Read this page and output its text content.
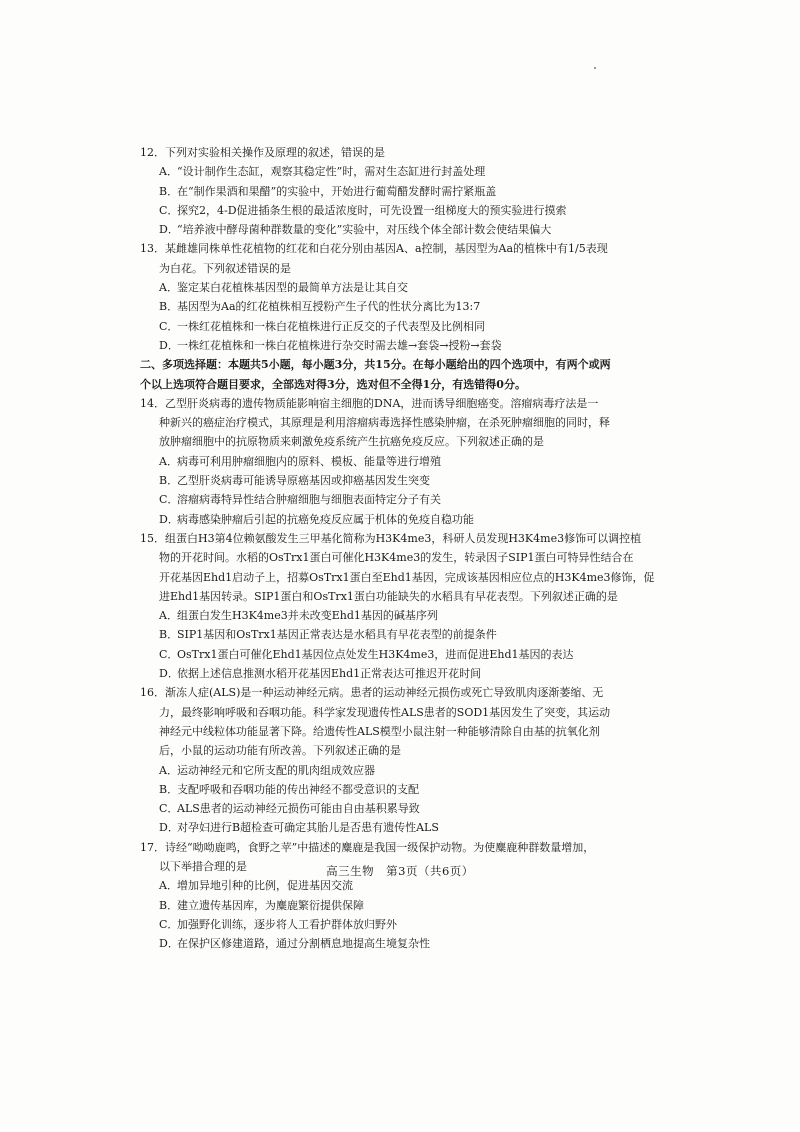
12．下列对实验相关操作及原理的叙述，错误的是
A．“设计制作生态缸，观察其稳定性”时，需对生态缸进行封盖处理
B．在“制作果酒和果醋”的实验中，开始进行葡萄醋发酵时需拧紧瓶盖
C．探究2，4-D促进插条生根的最适浓度时，可先设置一组梯度大的预实验进行摸索
D．“培养液中酵母菌种群数量的变化”实验中，对压线个体全部计数会使结果偏大
13．某雌雄同株单性花植物的红花和白花分别由基因A、a控制，基因型为Aa的植株中有1/5表现
为白花。下列叙述错误的是
A．鉴定某白花植株基因型的最简单方法是让其自交
B．基因型为Aa的红花植株相互授粉产生子代的性状分离比为13:7
C．一株红花植株和一株白花植株进行正反交的子代表型及比例相同
D．一株红花植株和一株白花植株进行杂交时需去雄→套袋→授粉→套袋
二、多项选择题：本题共5小题，每小题3分，共15分。在每小题给出的四个选项中，有两个或两
个以上选项符合题目要求，全部选对得3分，选对但不全得1分，有选错得0分。
14．乙型肝炎病毒的遗传物质能影响宿主细胞的DNA，进而诱导细胞癌变。溶瘤病毒疗法是一
种新兴的癌症治疗模式，其原理是利用溶瘤病毒选择性感染肿瘤，在杀死肿瘤细胞的同时，释
放肿瘤细胞中的抗原物质来刺激免疫系统产生抗癌免疫反应。下列叙述正确的是
A．病毒可利用肿瘤细胞内的原料、模板、能量等进行增殖
B．乙型肝炎病毒可能诱导原癌基因或抑癌基因发生突变
C．溶瘤病毒特异性结合肿瘤细胞与细胞表面特定分子有关
D．病毒感染肿瘤后引起的抗癌免疫反应属于机体的免疫自稳功能
15．组蛋白H3第4位赖氨酸发生三甲基化简称为H3K4me3，科研人员发现H3K4me3修饰可以调控植
物的开花时间。水稻的OsTrx1蛋白可催化H3K4me3的发生，转录因子SIP1蛋白可特异性结合在
开花基因Ehd1启动子上，招募OsTrx1蛋白至Ehd1基因，完成该基因相应位点的H3K4me3修饰，促
进Ehd1基因转录。SIP1蛋白和OsTrx1蛋白功能缺失的水稻具有早花表型。下列叙述正确的是
A．组蛋白发生H3K4me3并未改变Ehd1基因的碱基序列
B．SIP1基因和OsTrx1基因正常表达是水稻具有早花表型的前提条件
C．OsTrx1蛋白可催化Ehd1基因位点处发生H3K4me3，进而促进Ehd1基因的表达
D．依据上述信息推测水稻开花基因Ehd1正常表达可推迟开花时间
16．渐冻人症(ALS)是一种运动神经元病。患者的运动神经元损伤或死亡导致肌肉逐渐萎缩、无
力，最终影响呼吸和吞咽功能。科学家发现遗传性ALS患者的SOD1基因发生了突变，其运动
神经元中线粒体功能显著下降。给遗传性ALS模型小鼠注射一种能够清除自由基的抗氧化剂
后，小鼠的运动功能有所改善。下列叙述正确的是
A．运动神经元和它所支配的肌肉组成效应器
B．支配呼吸和吞咽功能的传出神经不都受意识的支配
C．ALS患者的运动神经元损伤可能由自由基积累导致
D．对孕妇进行B超检查可确定其胎儿是否患有遗传性ALS
17．诗经“呦呦鹿鸣，食野之苹”中描述的麋鹿是我国一级保护动物。为使麋鹿种群数量增加，
以下举措合理的是
A．增加异地引种的比例，促进基因交流
B．建立遗传基因库，为麋鹿繁衍提供保障
C．加强野化训练，逐步将人工看护群体放归野外
D．在保护区修建道路，通过分割栖息地提高生境复杂性
高三生物　第3页（共6页）
